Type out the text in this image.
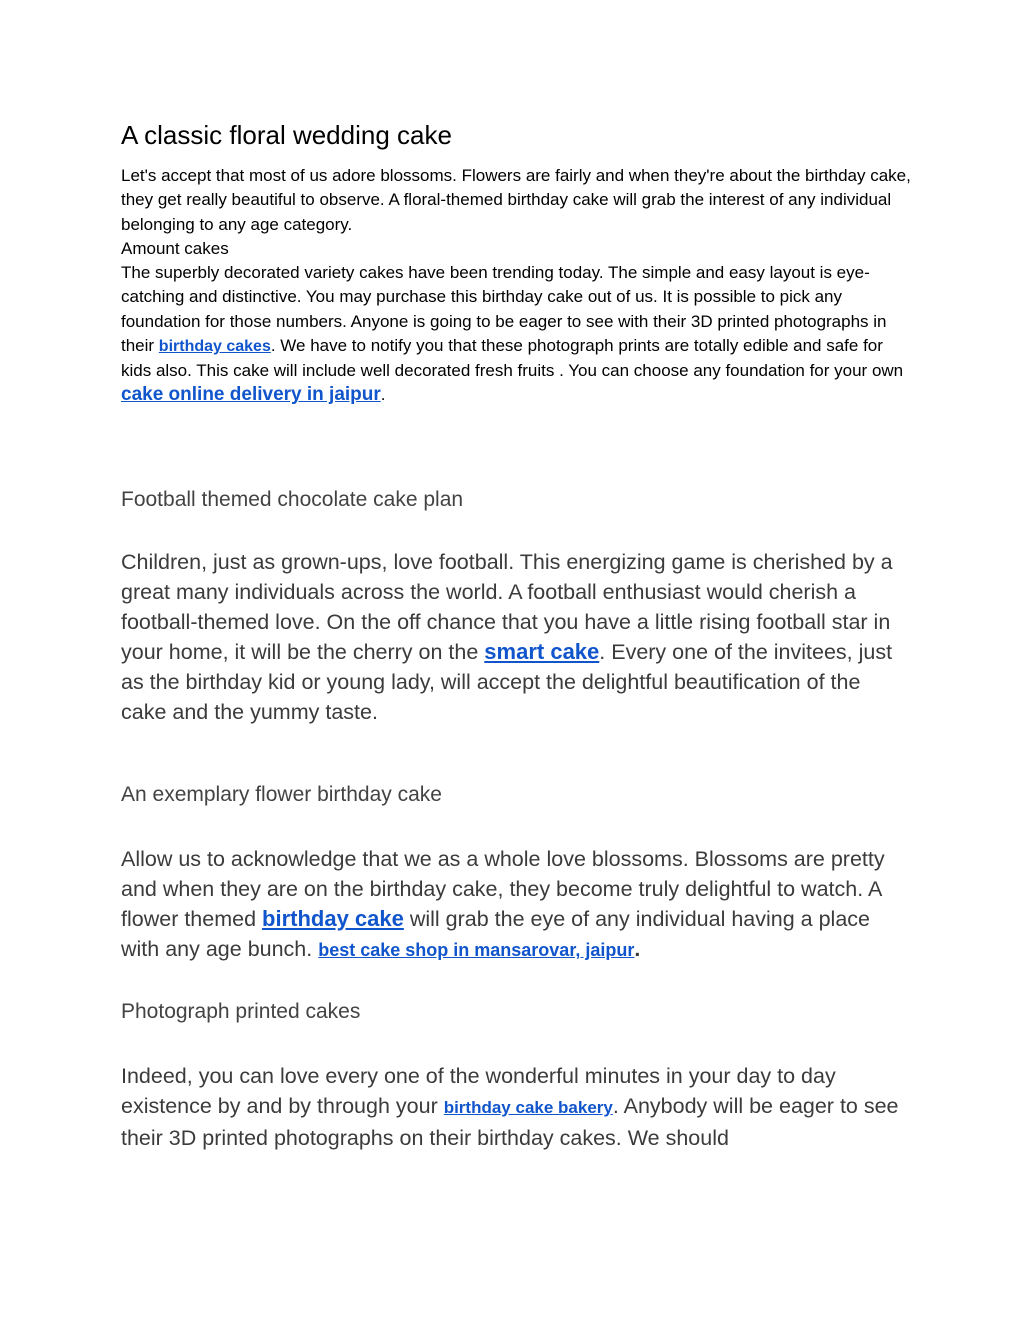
A classic floral wedding cake

Let's accept that most of us adore blossoms. Flowers are fairly and when they're about the birthday cake, they get really beautiful to observe. A floral-themed birthday cake will grab the interest of any individual belonging to any age category.

Amount cakes

The superbly decorated variety cakes have been trending today. The simple and easy layout is eye-catching and distinctive. You may purchase this birthday cake out of us. It is possible to pick any foundation for those numbers. Anyone is going to be eager to see with their 3D printed photographs in their birthday cakes. We have to notify you that these photograph prints are totally edible and safe for kids also. This cake will include well decorated fresh fruits . You can choose any foundation for your own cake online delivery in jaipur.

Football themed chocolate cake plan

Children, just as grown-ups, love football. This energizing game is cherished by a great many individuals across the world. A football enthusiast would cherish a football-themed love. On the off chance that you have a little rising football star in your home, it will be the cherry on the smart cake. Every one of the invitees, just as the birthday kid or young lady, will accept the delightful beautification of the cake and the yummy taste.

An exemplary flower birthday cake

Allow us to acknowledge that we as a whole love blossoms. Blossoms are pretty and when they are on the birthday cake, they become truly delightful to watch. A flower themed birthday cake will grab the eye of any individual having a place with any age bunch. best cake shop in mansarovar, jaipur.

Photograph printed cakes

Indeed, you can love every one of the wonderful minutes in your day to day existence by and by through your birthday cake bakery. Anybody will be eager to see their 3D printed photographs on their birthday cakes. We should
